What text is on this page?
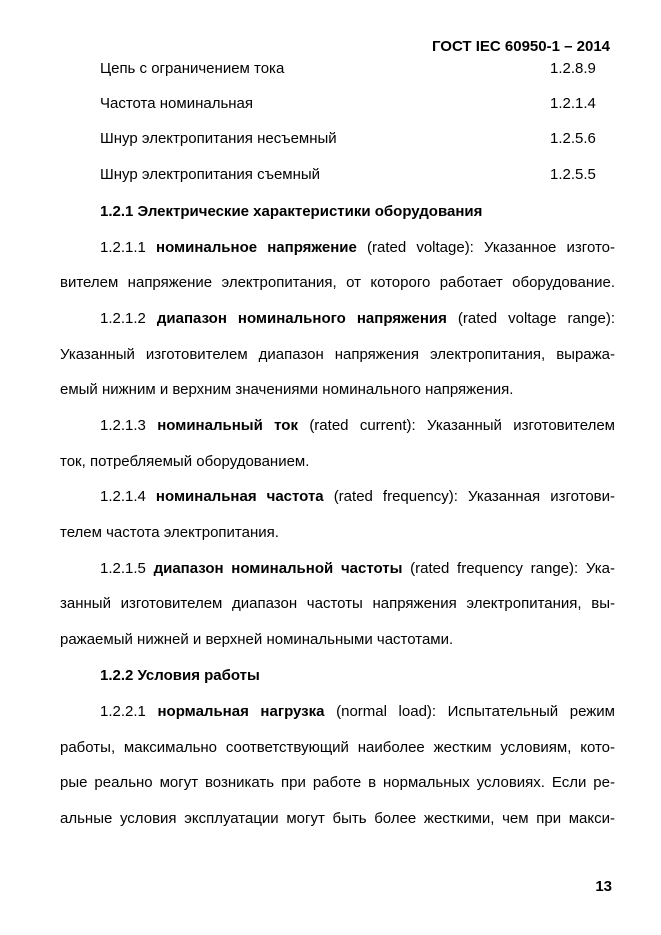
ГОСТ IEC 60950-1 – 2014
Цепь с ограничением тока	1.2.8.9
Частота номинальная	1.2.1.4
Шнур электропитания несъемный	1.2.5.6
Шнур электропитания съемный	1.2.5.5
1.2.1 Электрические характеристики оборудования
1.2.1.1 номинальное напряжение (rated voltage): Указанное изгото-
вителем напряжение электропитания, от которого работает оборудование.
1.2.1.2 диапазон номинального напряжения (rated voltage range):
Указанный изготовителем диапазон напряжения электропитания, выража-
емый нижним и верхним значениями номинального напряжения.
1.2.1.3 номинальный ток (rated current): Указанный изготовителем
ток, потребляемый оборудованием.
1.2.1.4 номинальная частота (rated frequency): Указанная изготови-
телем частота электропитания.
1.2.1.5 диапазон номинальной частоты (rated frequency range): Ука-
занный изготовителем диапазон частоты напряжения электропитания, вы-
ражаемый нижней и верхней номинальными частотами.
1.2.2 Условия работы
1.2.2.1 нормальная нагрузка (normal load): Испытательный режим
работы, максимально соответствующий наиболее жестким условиям, кото-
рые реально могут возникать при работе в нормальных условиях. Если ре-
альные условия эксплуатации могут быть более жесткими, чем при макси-
13
